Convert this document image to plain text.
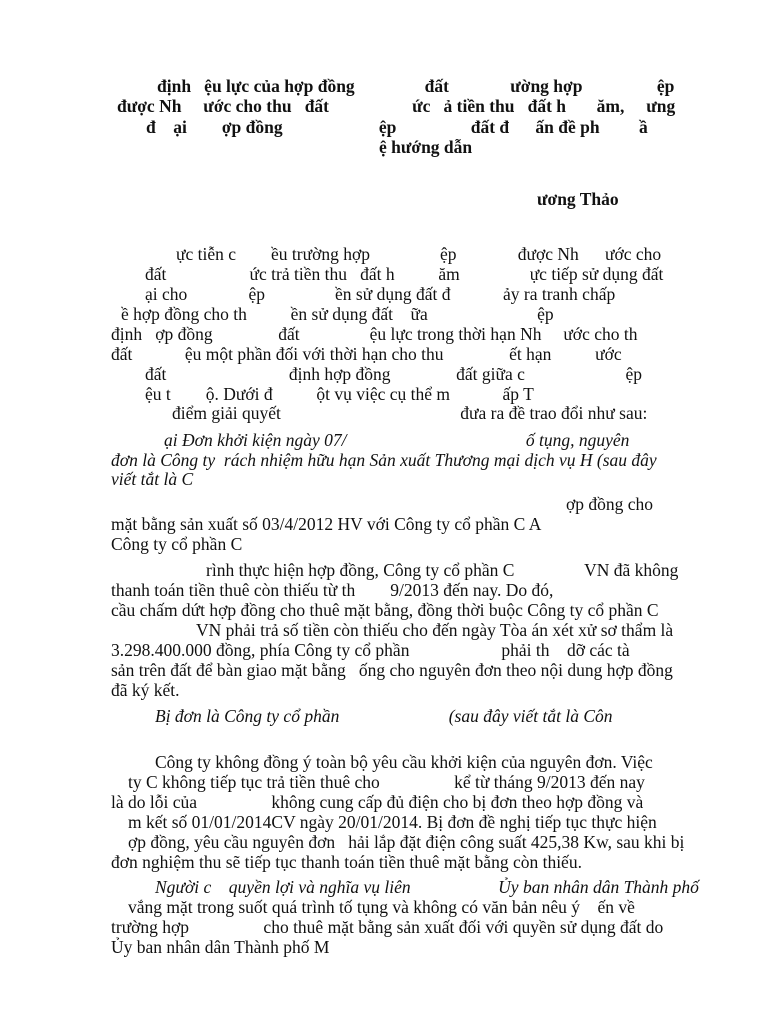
định   ệu lực của hợp đồng                đất              ường hợp                 ệp
được Nh     ước cho thu   đất                   ức   ả tiền thu   đất h       ăm,     ưng
đ    ại        ợp đồng                      ệp                 đất đ      ấn đề ph         ầ
ệ hướng dẫn
ương Thảo
ực tiễn c        ều trường hợp                ệp              được Nh      ước cho
đất                   ức trả tiền thu   đất h          ăm                ực tiếp sử dụng đất
ại cho              ệp                ền sử dụng đất đ            ảy ra tranh chấp
ề hợp đồng cho th          ền sử dụng đất    ữa                         ệp
định   ợp đồng               đất                ệu lực trong thời hạn Nh     ước cho th
đất            ệu một phần đối với thời hạn cho thu               ết hạn          ước
đất                            định hợp đồng               đất giữa c                       ệp
ệu t        ộ. Dưới đ          ột vụ việc cụ thể m            ấp T
điểm giải quyết                                         đưa ra đề trao đổi như sau:
ại Đơn khởi kiện ngày 07/                                         ố tụng, nguyên
đơn là Công ty  rách nhiệm hữu hạn Sản xuất Thương mại dịch vụ H (sau đây
viết tắt là C
ợp đồng cho
mặt bằng sản xuất số 03/4/2012 HV với Công ty cổ phần C A
Công ty cổ phần C
rình thực hiện hợp đồng, Công ty cổ phần C                VN đã không
thanh toán tiền thuê còn thiếu từ th        9/2013 đến nay. Do đó,
cầu chấm dứt hợp đồng cho thuê mặt bằng, đồng thời buộc Công ty cổ phần C
VN phải trả số tiền còn thiếu cho đến ngày Tòa án xét xử sơ thẩm là
3.298.400.000 đồng, phía Công ty cổ phần                     phải th    dỡ các tà
sản trên đất để bàn giao mặt bằng   ống cho nguyên đơn theo nội dung hợp đồng
đã ký kết.
Bị đơn là Công ty cổ phần                         (sau đây viết tắt là Côn
Công ty không đồng ý toàn bộ yêu cầu khởi kiện của nguyên đơn. Việc
ty C không tiếp tục trả tiền thuê cho                 kể từ tháng 9/2013 đến nay
là do lỗi của                 không cung cấp đủ điện cho bị đơn theo hợp đồng và
m kết số 01/01/2014CV ngày 20/01/2014. Bị đơn đề nghị tiếp tục thực hiện
ợp đồng, yêu cầu nguyên đơn   hải lắp đặt điện công suất 425,38 Kw, sau khi bị
đơn nghiệm thu sẽ tiếp tục thanh toán tiền thuê mặt bằng còn thiếu.
Người c    quyền lợi và nghĩa vụ liên                    Ủy ban nhân dân Thành phố
vắng mặt trong suốt quá trình tố tụng và không có văn bản nêu ý    ến về
trường hợp                 cho thuê mặt bằng sản xuất đối với quyền sử dụng đất do
Ủy ban nhân dân Thành phố M
